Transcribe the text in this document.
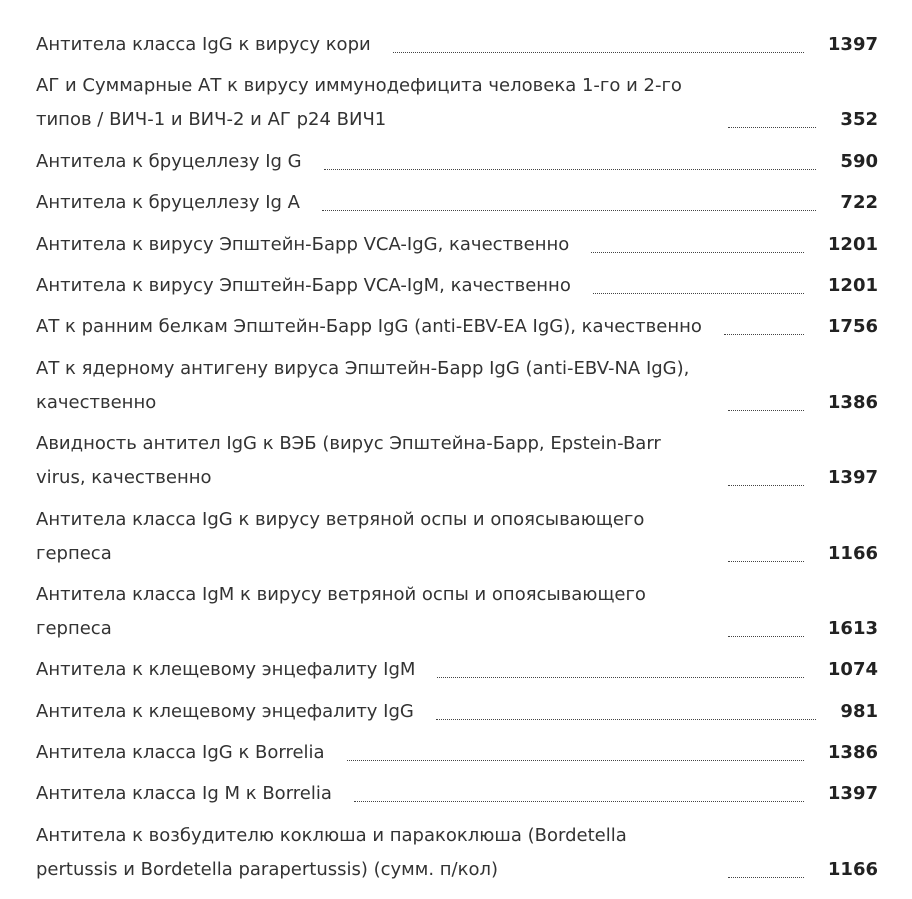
Антитела класса IgG к вирусу кори	1397
АГ и Суммарные АТ к вирусу иммунодефицита человека 1-го и 2-го типов / ВИЧ-1 и ВИЧ-2 и АГ р24 ВИЧ1	352
Антитела к бруцеллезу Ig G	590
Антитела к бруцеллезу Ig A	722
Антитела к вирусу Эпштейн-Барр VCA-IgG, качественно	1201
Антитела к вирусу Эпштейн-Барр VCA-IgM, качественно	1201
АТ к ранним белкам Эпштейн-Барр IgG (anti-EBV-EA IgG), качественно	1756
АТ к ядерному антигену вируса Эпштейн-Барр IgG (anti-EBV-NA IgG), качественно	1386
Авидность антител IgG к ВЭБ (вирус Эпштейна-Барр, Epstein-Barr virus, качественно	1397
Антитела класса IgG к вирусу ветряной оспы и опоясывающего герпеса	1166
Антитела класса IgM к вирусу ветряной оспы и опоясывающего герпеса	1613
Антитела к клещевому энцефалиту IgM	1074
Антитела к клещевому энцефалиту IgG	981
Антитела класса IgG к Borrelia	1386
Антитела класса Ig M к Borrelia	1397
Антитела к возбудителю коклюша и паракоклюша (Bordetella pertussis и Bordetella parapertussis) (сумм. п/кол)	1166
